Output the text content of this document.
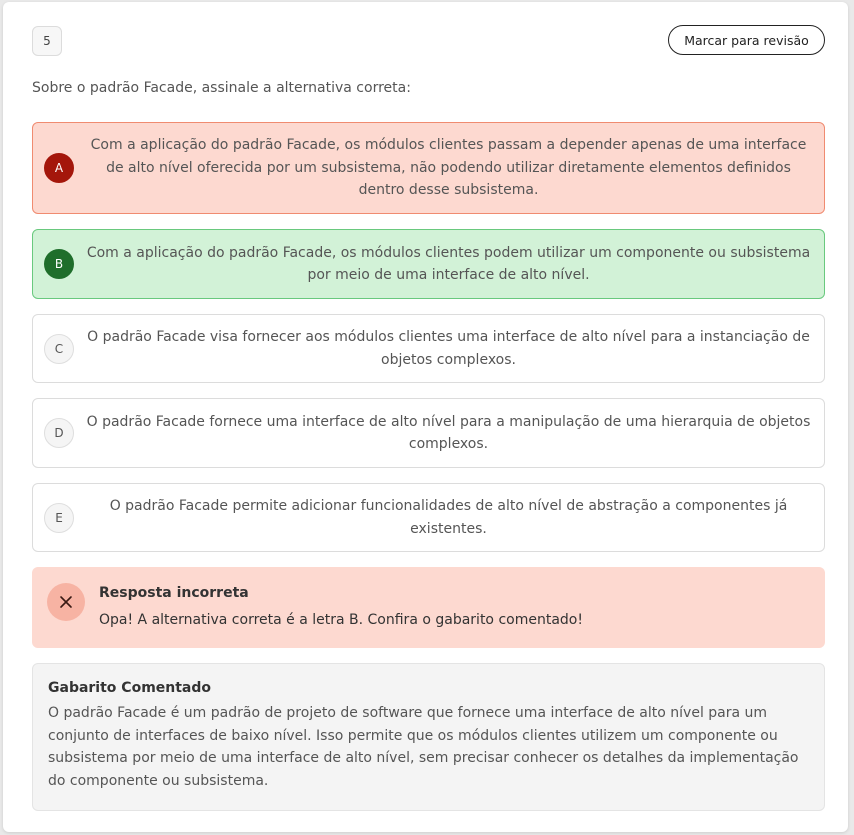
5	Marcar para revisão
Sobre o padrão Facade, assinale a alternativa correta:
A
Com a aplicação do padrão Facade, os módulos clientes passam a depender apenas de uma interface de alto nível oferecida por um subsistema, não podendo utilizar diretamente elementos definidos dentro desse subsistema.
B
Com a aplicação do padrão Facade, os módulos clientes podem utilizar um componente ou subsistema por meio de uma interface de alto nível.
C
O padrão Facade visa fornecer aos módulos clientes uma interface de alto nível para a instanciação de objetos complexos.
D
O padrão Facade fornece uma interface de alto nível para a manipulação de uma hierarquia de objetos complexos.
E
O padrão Facade permite adicionar funcionalidades de alto nível de abstração a componentes já existentes.
Resposta incorreta
Opa! A alternativa correta é a letra B. Confira o gabarito comentado!
Gabarito Comentado
O padrão Facade é um padrão de projeto de software que fornece uma interface de alto nível para um conjunto de interfaces de baixo nível. Isso permite que os módulos clientes utilizem um componente ou subsistema por meio de uma interface de alto nível, sem precisar conhecer os detalhes da implementação do componente ou subsistema.
